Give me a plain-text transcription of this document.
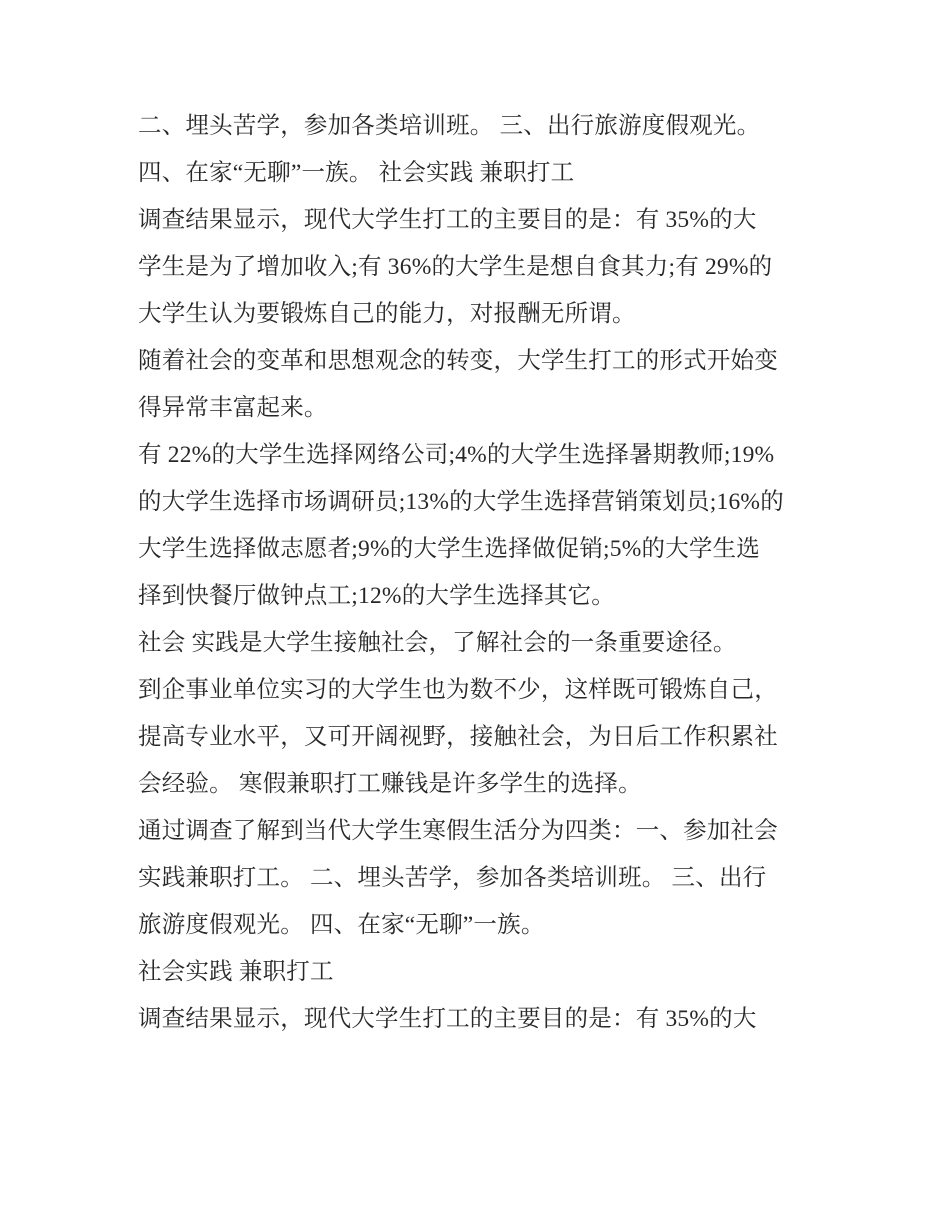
二、埋头苦学，参加各类培训班。 三、出行旅游度假观光。
四、在家“无聊”一族。 社会实践 兼职打工
调查结果显示，现代大学生打工的主要目的是：有 35%的大
学生是为了增加收入;有 36%的大学生是想自食其力;有 29%的
大学生认为要锻炼自己的能力，对报酬无所谓。
随着社会的变革和思想观念的转变，大学生打工的形式开始变
得异常丰富起来。
有 22%的大学生选择网络公司;4%的大学生选择暑期教师;19%
的大学生选择市场调研员;13%的大学生选择营销策划员;16%的
大学生选择做志愿者;9%的大学生选择做促销;5%的大学生选
择到快餐厅做钟点工;12%的大学生选择其它。
社会 实践是大学生接触社会，了解社会的一条重要途径。
到企事业单位实习的大学生也为数不少，这样既可锻炼自己，
提高专业水平，又可开阔视野，接触社会，为日后工作积累社
会经验。 寒假兼职打工赚钱是许多学生的选择。
通过调查了解到当代大学生寒假生活分为四类：一、参加社会
实践兼职打工。 二、埋头苦学，参加各类培训班。 三、出行
旅游度假观光。 四、在家“无聊”一族。
社会实践 兼职打工
调查结果显示，现代大学生打工的主要目的是：有 35%的大
